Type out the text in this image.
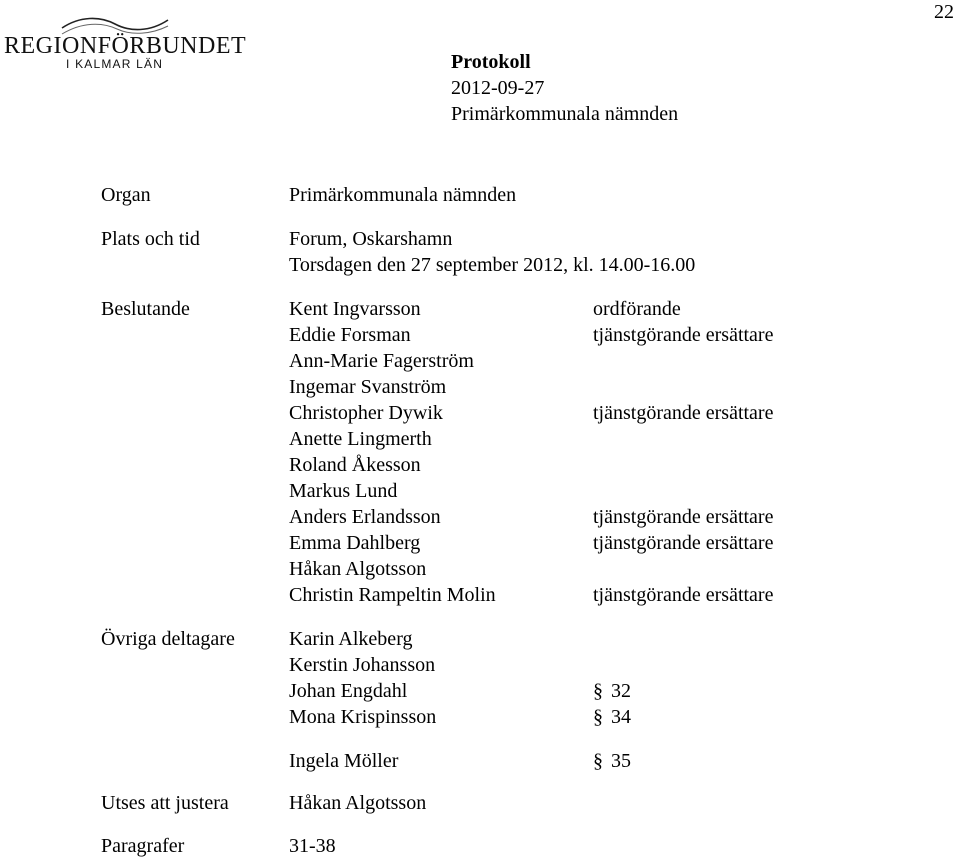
22
REGIONFÖRBUNDET
I KALMAR LÄN	Protokoll
2012-09-27
Primärkommunala nämnden
Organ	Primärkommunala nämnden
Plats och tid	Forum, Oskarshamn
Torsdagen den 27 september 2012, kl. 14.00-16.00
Beslutande	Kent Ingvarsson	ordförande
Eddie Forsman	tjänstgörande ersättare
Ann-Marie Fagerström
Ingemar Svanström
Christopher Dywik	tjänstgörande ersättare
Anette Lingmerth
Roland Åkesson
Markus Lund
Anders Erlandsson	tjänstgörande ersättare
Emma Dahlberg	tjänstgörande ersättare
Håkan Algotsson
Christin Rampeltin Molin	tjänstgörande ersättare
Övriga deltagare	Karin Alkeberg
Kerstin Johansson
Johan Engdahl	§ 32
Mona Krispinsson	§ 34
Ingela Möller	§ 35
Utses att justera	Håkan Algotsson
Paragrafer	31-38
